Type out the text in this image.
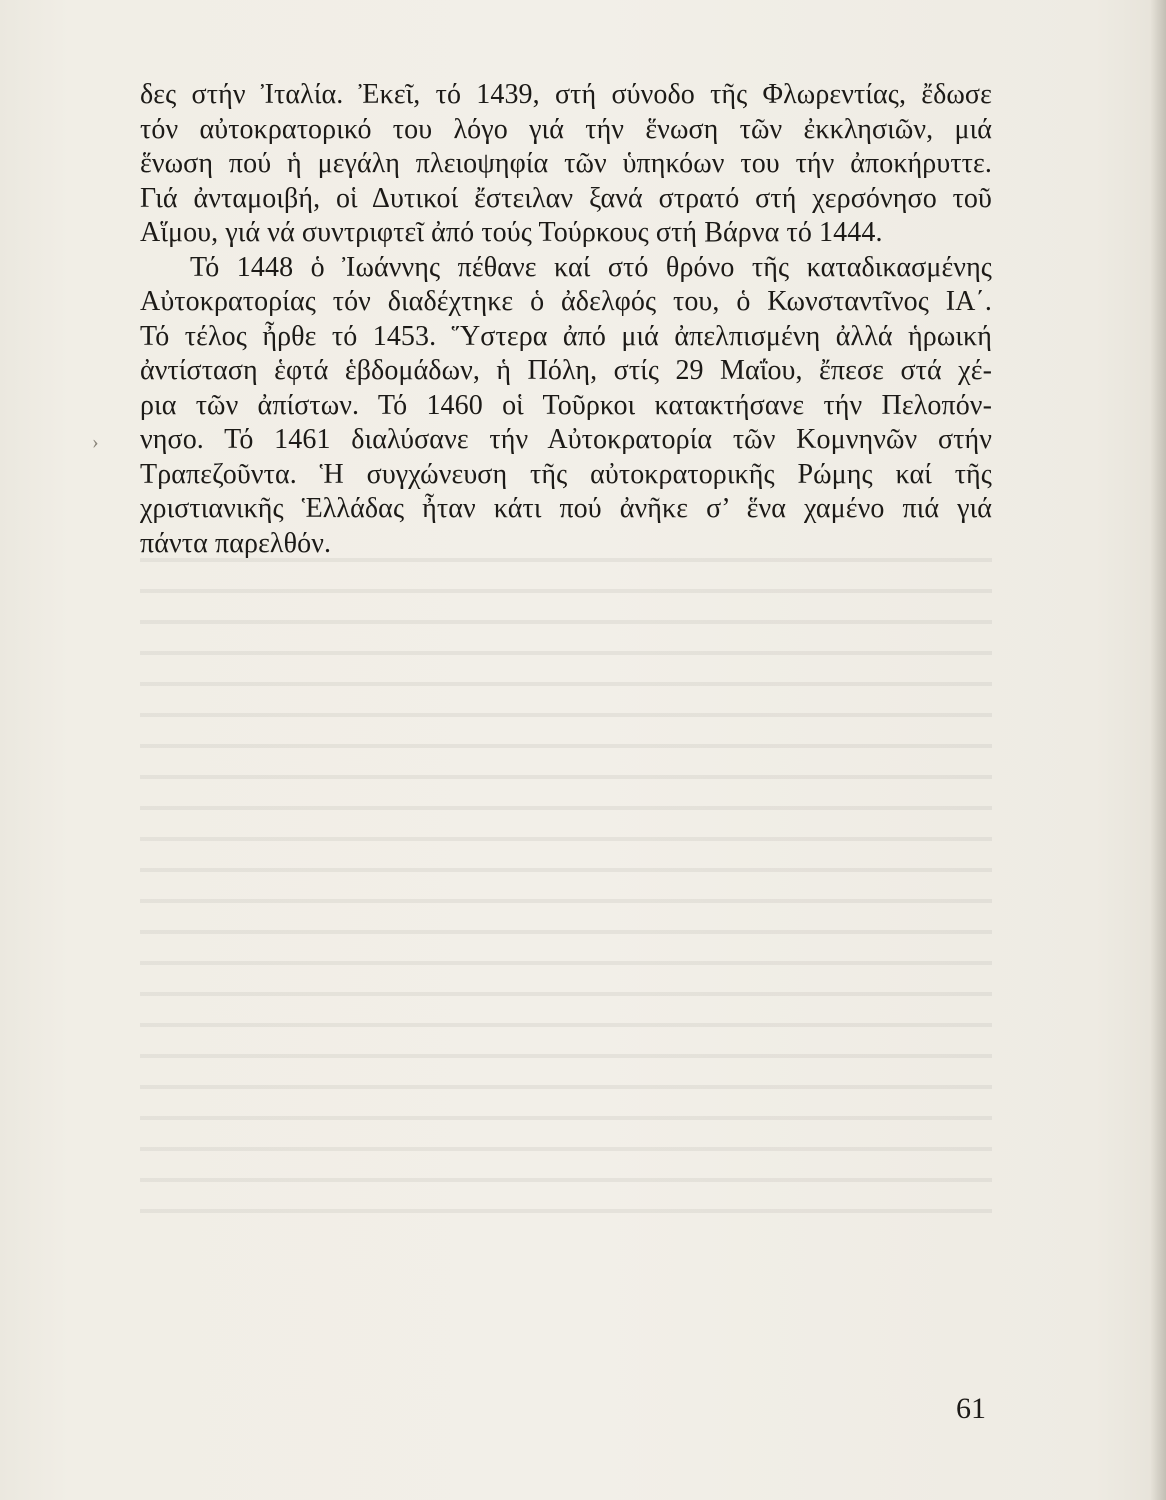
›
δες στήν Ἰταλία. Ἐκεῖ, τό 1439, στή σύνοδο τῆς Φλωρεντίας, ἔδωσε
τόν αὐτοκρατορικό του λόγο γιά τήν ἕνωση τῶν ἐκκλησιῶν, μιά
ἕνωση πού ἡ μεγάλη πλειοψηφία τῶν ὑπηκόων του τήν ἀποκήρυττε.
Γιά ἀνταμοιβή, οἱ Δυτικοί ἔστειλαν ξανά στρατό στή χερσόνησο τοῦ
Αἵμου, γιά νά συντριφτεῖ ἀπό τούς Τούρκους στή Βάρνα τό 1444.
Τό 1448 ὁ Ἰωάννης πέθανε καί στό θρόνο τῆς καταδικασμένης
Αὐτοκρατορίας τόν διαδέχτηκε ὁ ἀδελφός του, ὁ Κωνσταντῖνος ΙΑ΄.
Τό τέλος ἦρθε τό 1453. Ὕστερα ἀπό μιά ἀπελπισμένη ἀλλά ἡρωική
ἀντίσταση ἑφτά ἑβδομάδων, ἡ Πόλη, στίς 29 Μαΐου, ἔπεσε στά χέ-
ρια τῶν ἀπίστων. Τό 1460 οἱ Τοῦρκοι κατακτήσανε τήν Πελοπόν-
νησο. Τό 1461 διαλύσανε τήν Αὐτοκρατορία τῶν Κομνηνῶν στήν
Τραπεζοῦντα. Ἡ συγχώνευση τῆς αὐτοκρατορικῆς Ρώμης καί τῆς
χριστιανικῆς Ἑλλάδας ἦταν κάτι πού ἀνῆκε σ’ ἕνα χαμένο πιά γιά
πάντα παρελθόν.
61
